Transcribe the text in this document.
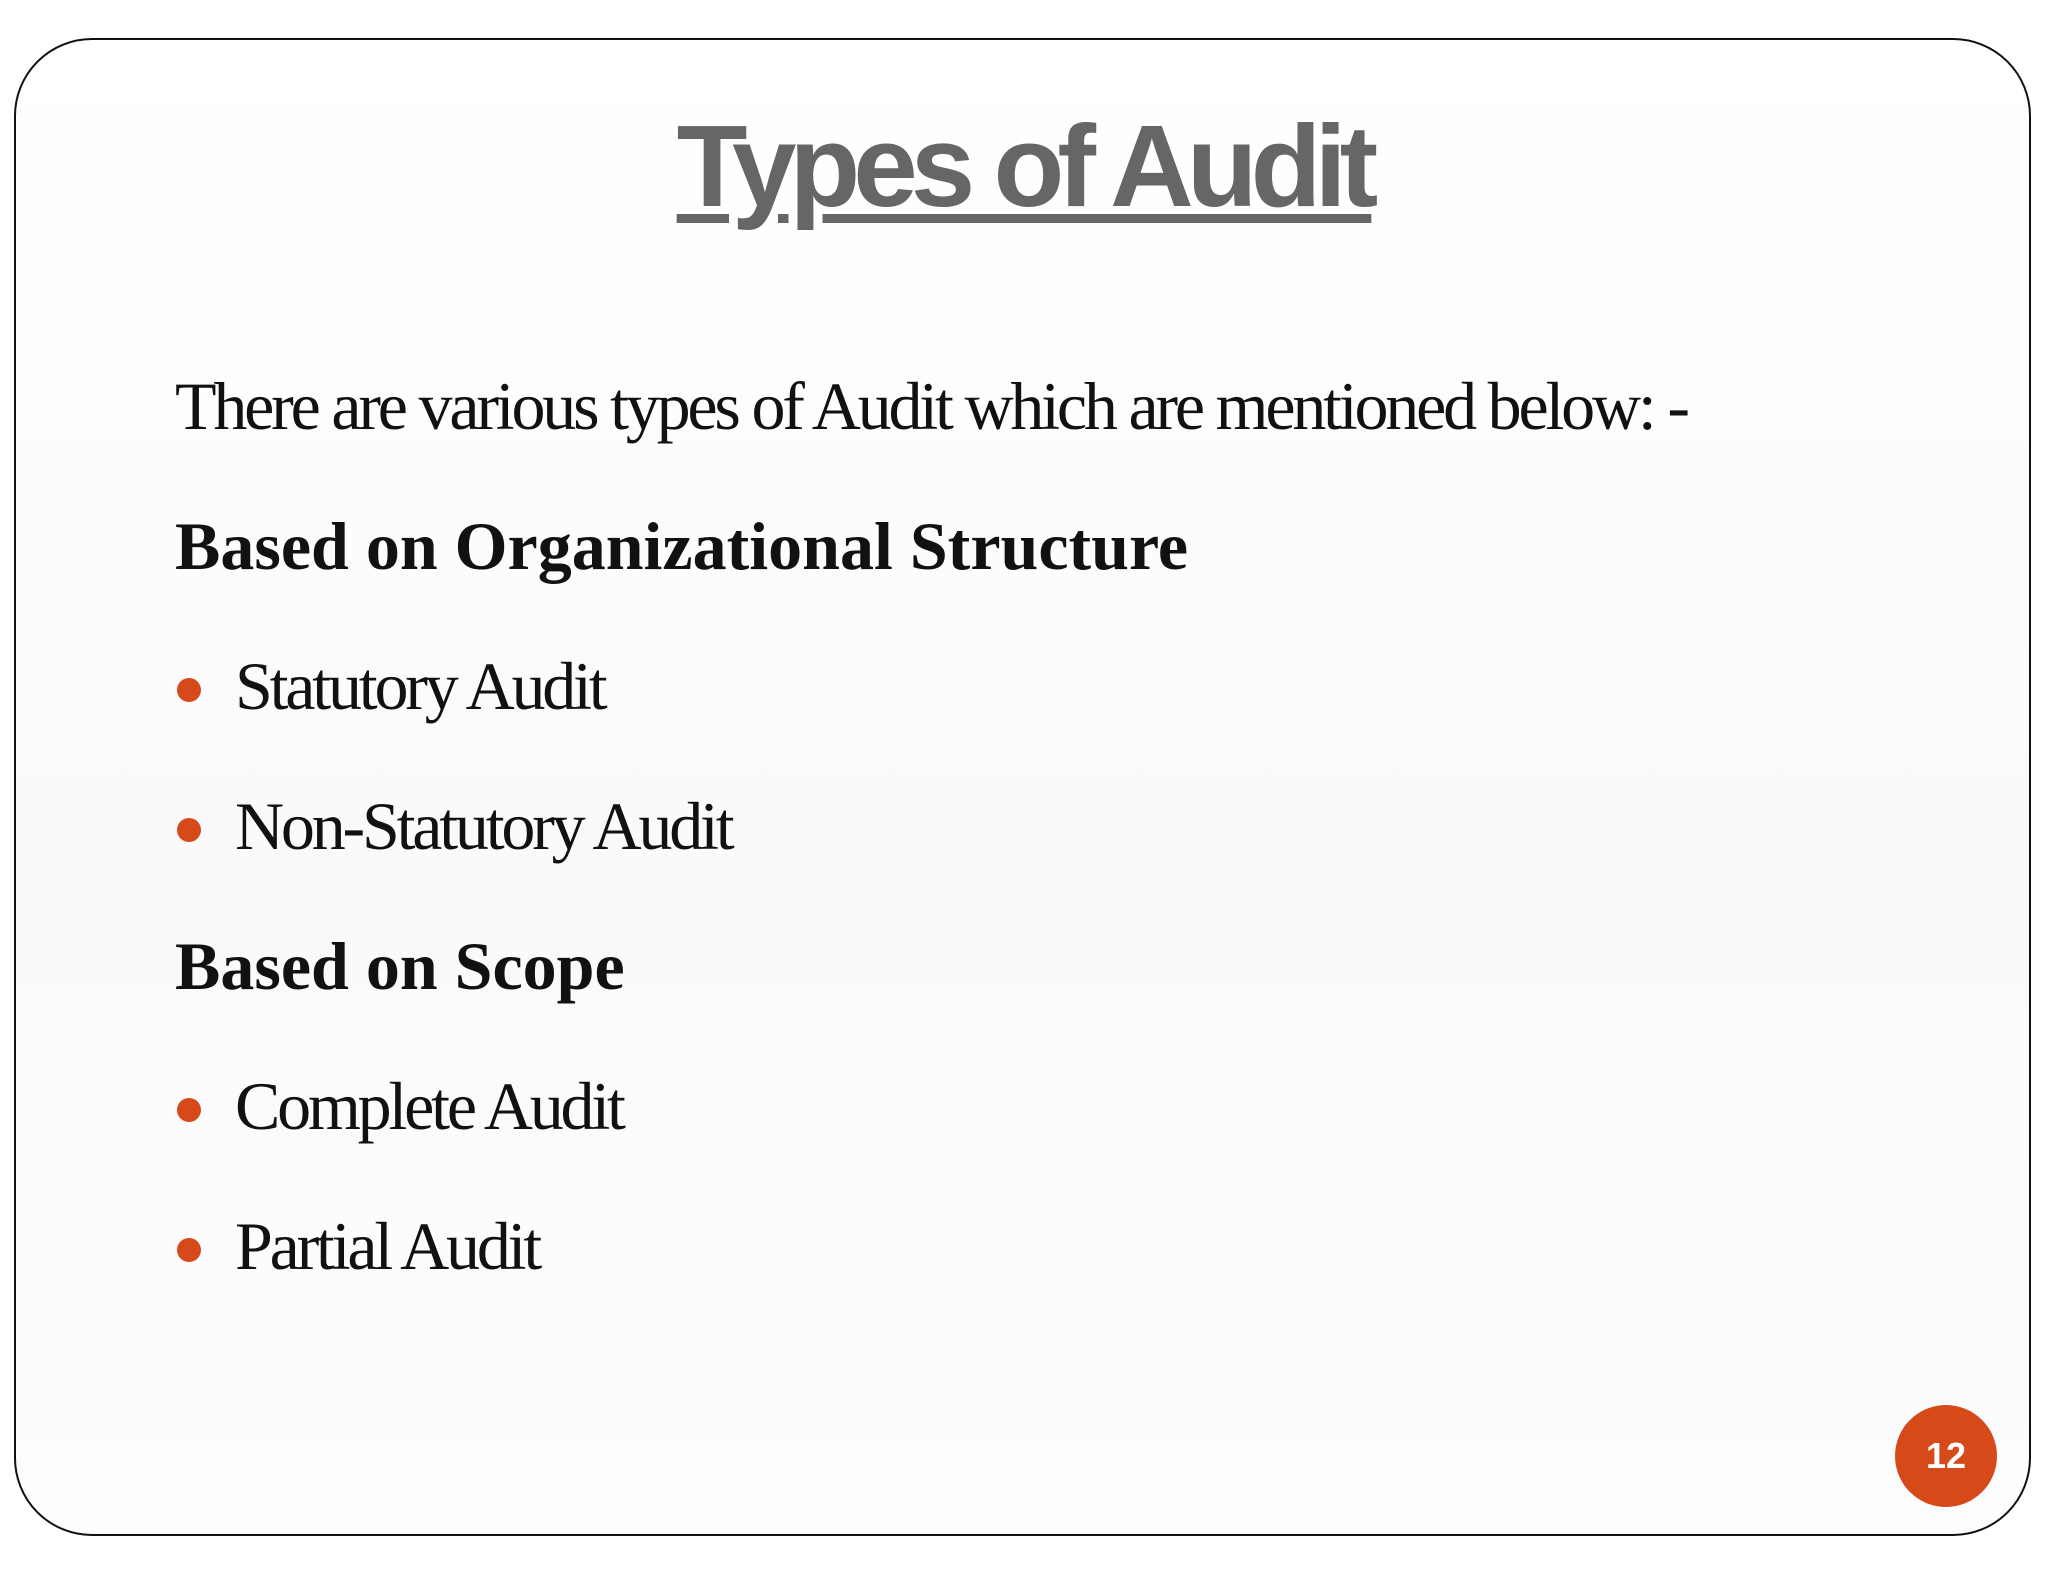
Types of Audit

There are various types of Audit which are mentioned below: -

Based on Organizational Structure

Statutory Audit
Non-Statutory Audit

Based on Scope

Complete Audit
Partial Audit
12
